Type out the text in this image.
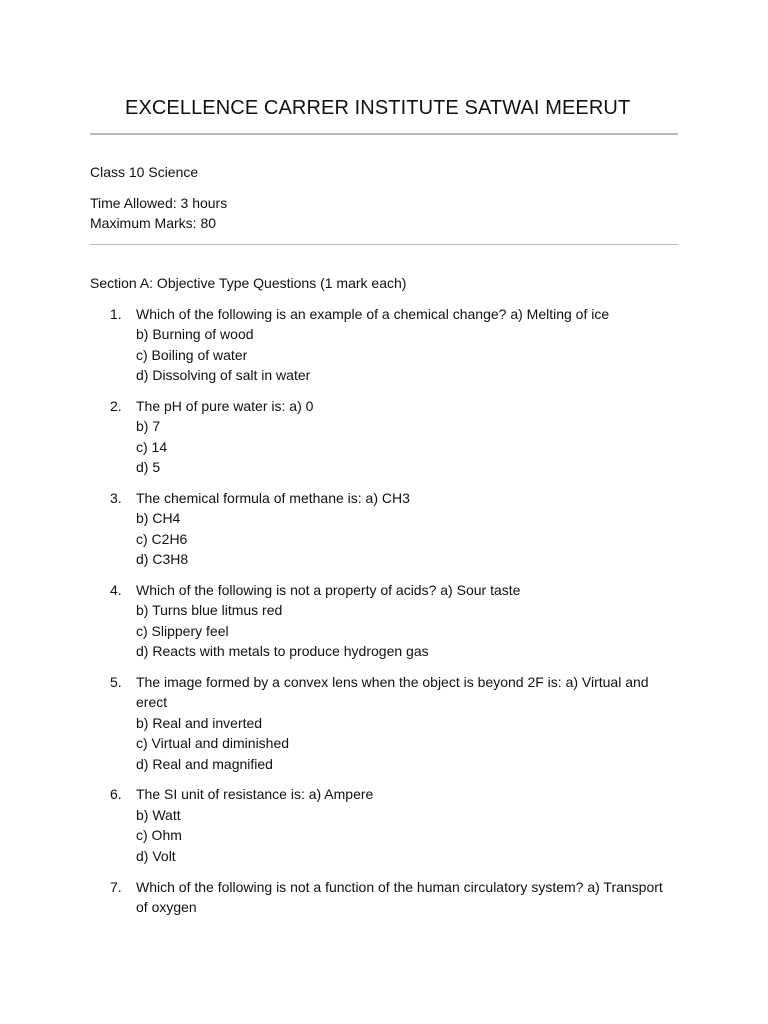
EXCELLENCE CARRER INSTITUTE SATWAI MEERUT
Class 10 Science
Time Allowed: 3 hours
Maximum Marks: 80
Section A: Objective Type Questions (1 mark each)
1.	Which of the following is an example of a chemical change? a) Melting of ice
b) Burning of wood
c) Boiling of water
d) Dissolving of salt in water
2.	The pH of pure water is: a) 0
b) 7
c) 14
d) 5
3.	The chemical formula of methane is: a) CH3
b) CH4
c) C2H6
d) C3H8
4.	Which of the following is not a property of acids? a) Sour taste
b) Turns blue litmus red
c) Slippery feel
d) Reacts with metals to produce hydrogen gas
5.	The image formed by a convex lens when the object is beyond 2F is: a) Virtual and
erect
b) Real and inverted
c) Virtual and diminished
d) Real and magnified
6.	The SI unit of resistance is: a) Ampere
b) Watt
c) Ohm
d) Volt
7.	Which of the following is not a function of the human circulatory system? a) Transport
of oxygen
